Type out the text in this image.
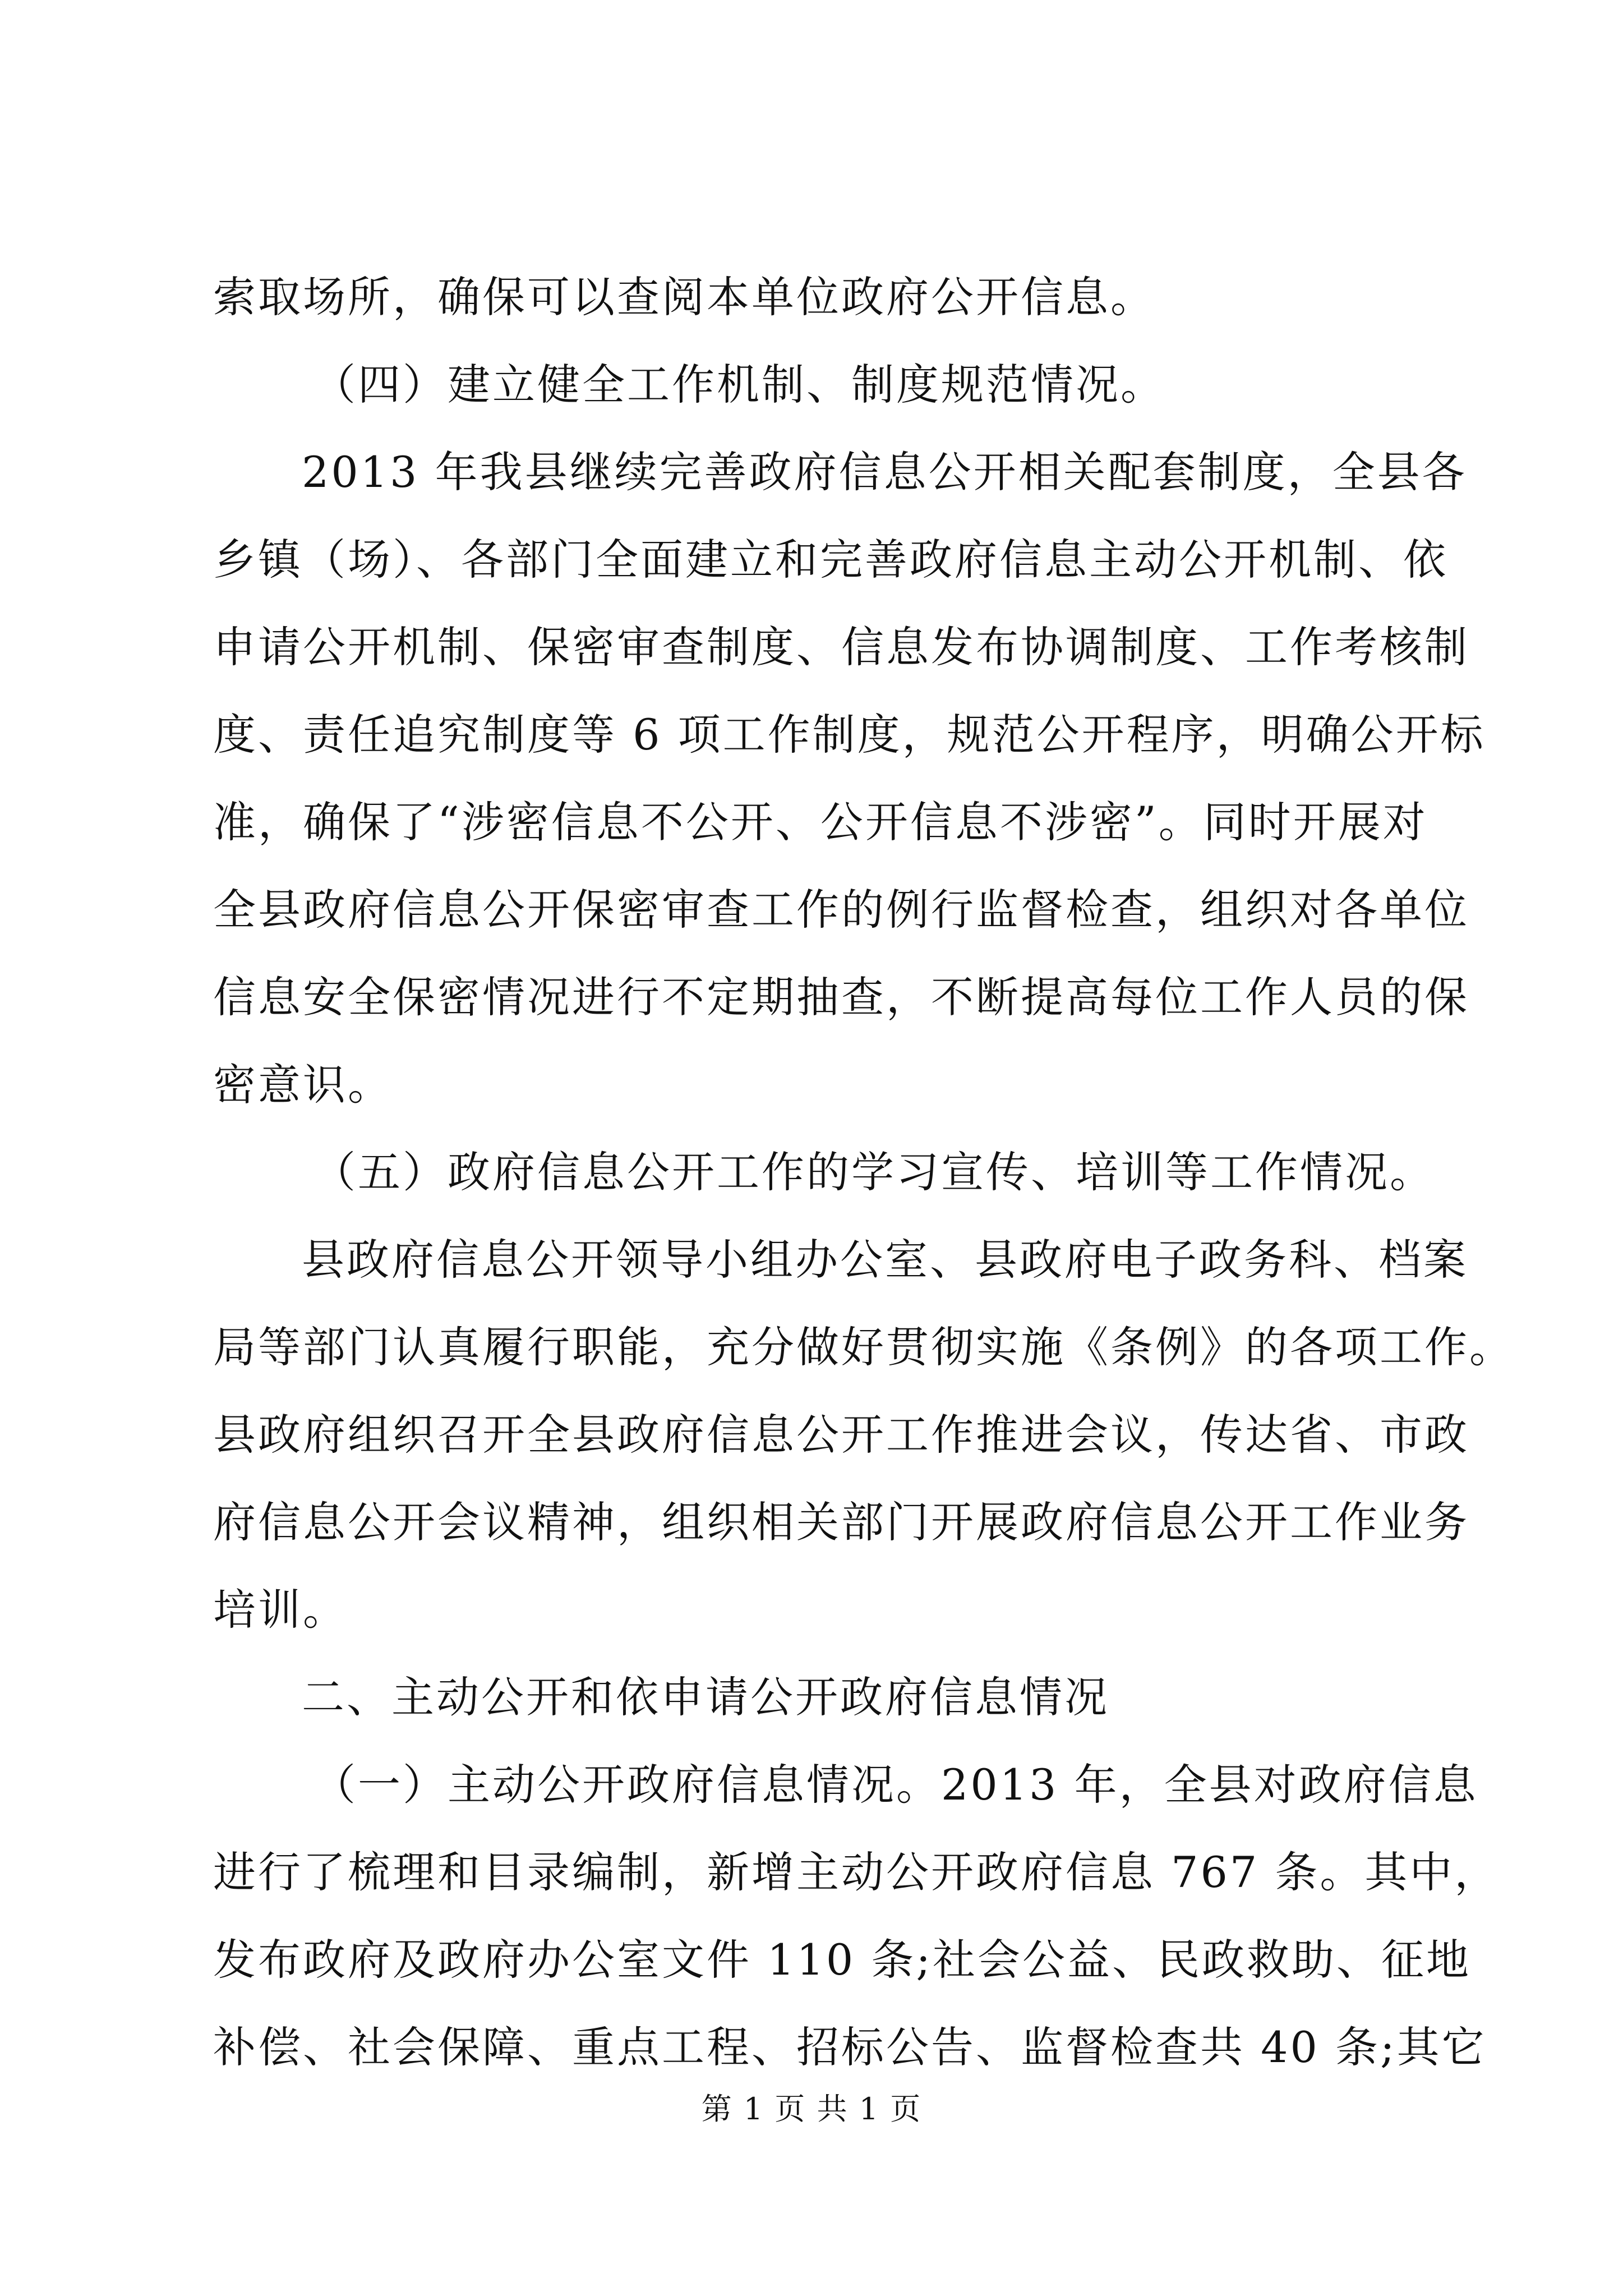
索取场所，确保可以查阅本单位政府公开信息。
（四）建立健全工作机制、制度规范情况。
2013 年我县继续完善政府信息公开相关配套制度，全县各
乡镇（场）、各部门全面建立和完善政府信息主动公开机制、依
申请公开机制、保密审查制度、信息发布协调制度、工作考核制
度、责任追究制度等 6 项工作制度，规范公开程序，明确公开标
准，确保了“涉密信息不公开、公开信息不涉密”。同时开展对
全县政府信息公开保密审查工作的例行监督检查，组织对各单位
信息安全保密情况进行不定期抽查，不断提高每位工作人员的保
密意识。
（五）政府信息公开工作的学习宣传、培训等工作情况。
县政府信息公开领导小组办公室、县政府电子政务科、档案
局等部门认真履行职能，充分做好贯彻实施《条例》的各项工作。
县政府组织召开全县政府信息公开工作推进会议，传达省、市政
府信息公开会议精神，组织相关部门开展政府信息公开工作业务
培训。
二、主动公开和依申请公开政府信息情况
（一）主动公开政府信息情况。2013 年，全县对政府信息
进行了梳理和目录编制，新增主动公开政府信息 767 条。其中，
发布政府及政府办公室文件 110 条;社会公益、民政救助、征地
补偿、社会保障、重点工程、招标公告、监督检查共 40 条;其它
第 1 页 共 1 页
